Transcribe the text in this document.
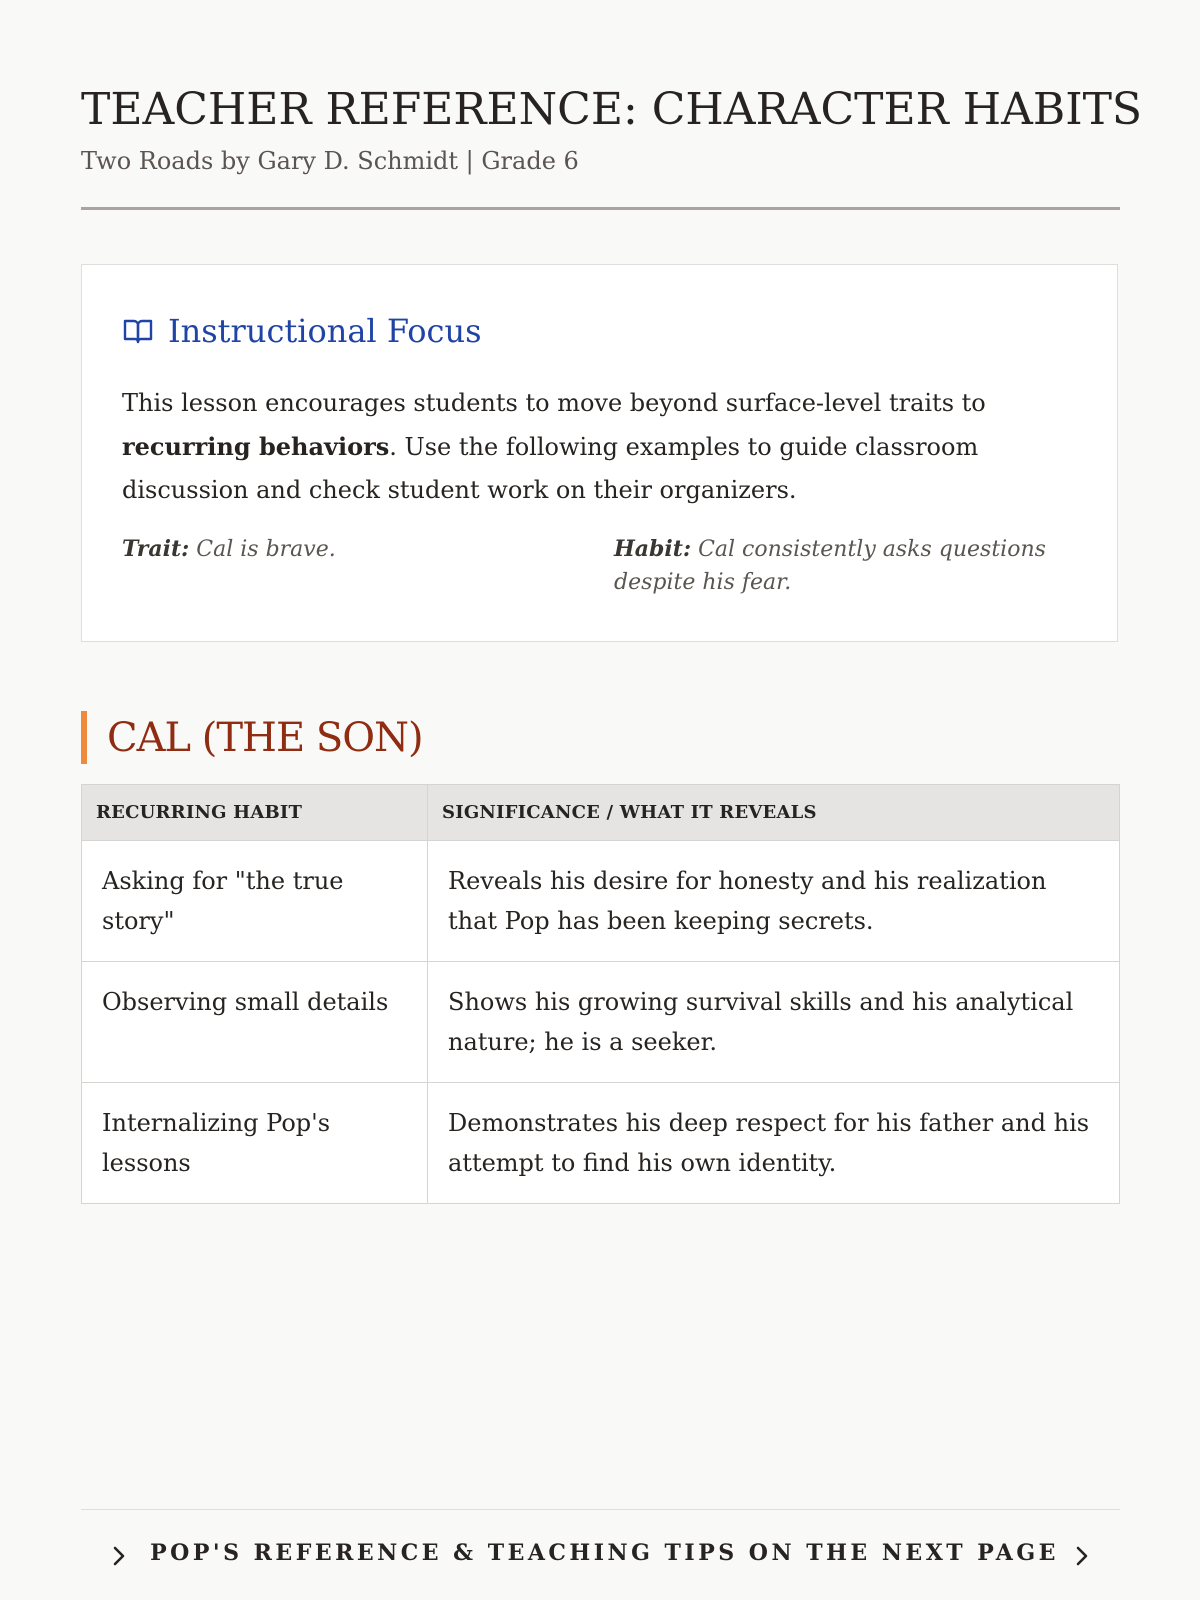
TEACHER REFERENCE: CHARACTER HABITS
Two Roads by Gary D. Schmidt | Grade 6
Instructional Focus

This lesson encourages students to move beyond surface-level traits to recurring behaviors. Use the following examples to guide classroom discussion and check student work on their organizers.

Trait: Cal is brave.	Habit: Cal consistently asks questions despite his fear.
CAL (THE SON)
RECURRING HABIT	SIGNIFICANCE / WHAT IT REVEALS
Asking for "the true story"	Reveals his desire for honesty and his realization that Pop has been keeping secrets.
Observing small details	Shows his growing survival skills and his analytical nature; he is a seeker.
Internalizing Pop's lessons	Demonstrates his deep respect for his father and his attempt to find his own identity.
POP'S REFERENCE & TEACHING TIPS ON THE NEXT PAGE
